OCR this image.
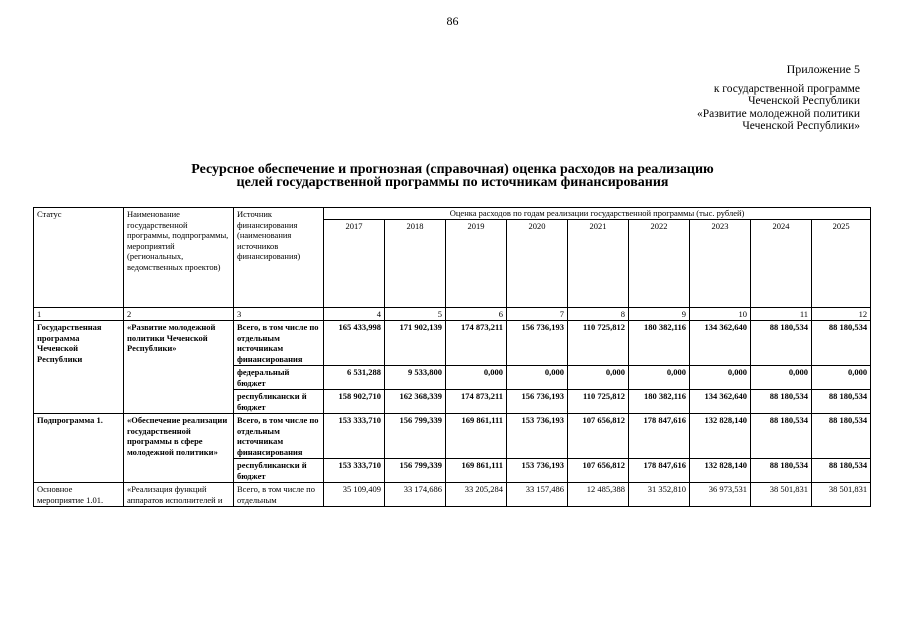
86
Приложение 5
к государственной программе
Чеченской Республики
«Развитие молодежной политики
Чеченской Республики»
Ресурсное обеспечение и прогнозная (справочная) оценка расходов на реализацию
целей государственной программы по источникам финансирования
Статус	Наименование государственной программы, подпрограммы, мероприятий (региональных, ведомственных проектов)	Источник финансирования (наименования источников финансирования)	Оценка расходов по годам реализации государственной программы (тыс. рублей)								
			2017	2018	2019	2020	2021	2022	2023	2024	2025
1	2	3	4	5	6	7	8	9	10	11	12
Государственная программа Чеченской Республики	«Развитие молодежной политики Чеченской Республики»	Всего, в том числе по отдельным источникам финансирования	165 433,998	171 902,139	174 873,211	156 736,193	110 725,812	180 382,116	134 362,640	88 180,534	88 180,534
		федеральный бюджет	6 531,288	9 533,800	0,000	0,000	0,000	0,000	0,000	0,000	0,000
		республикански й бюджет	158 902,710	162 368,339	174 873,211	156 736,193	110 725,812	180 382,116	134 362,640	88 180,534	88 180,534
Подпрограмма 1.	«Обеспечение реализации государственной программы в сфере молодежной политики»	Всего, в том числе по отдельным источникам финансирования	153 333,710	156 799,339	169 861,111	153 736,193	107 656,812	178 847,616	132 828,140	88 180,534	88 180,534
		республикански й бюджет	153 333,710	156 799,339	169 861,111	153 736,193	107 656,812	178 847,616	132 828,140	88 180,534	88 180,534
Основное мероприятие 1.01.	«Реализация функций аппаратов исполнителей и	Всего, в том числе по отдельным	35 109,409	33 174,686	33 205,284	33 157,486	12 485,388	31 352,810	36 973,531	38 501,831	38 501,831
